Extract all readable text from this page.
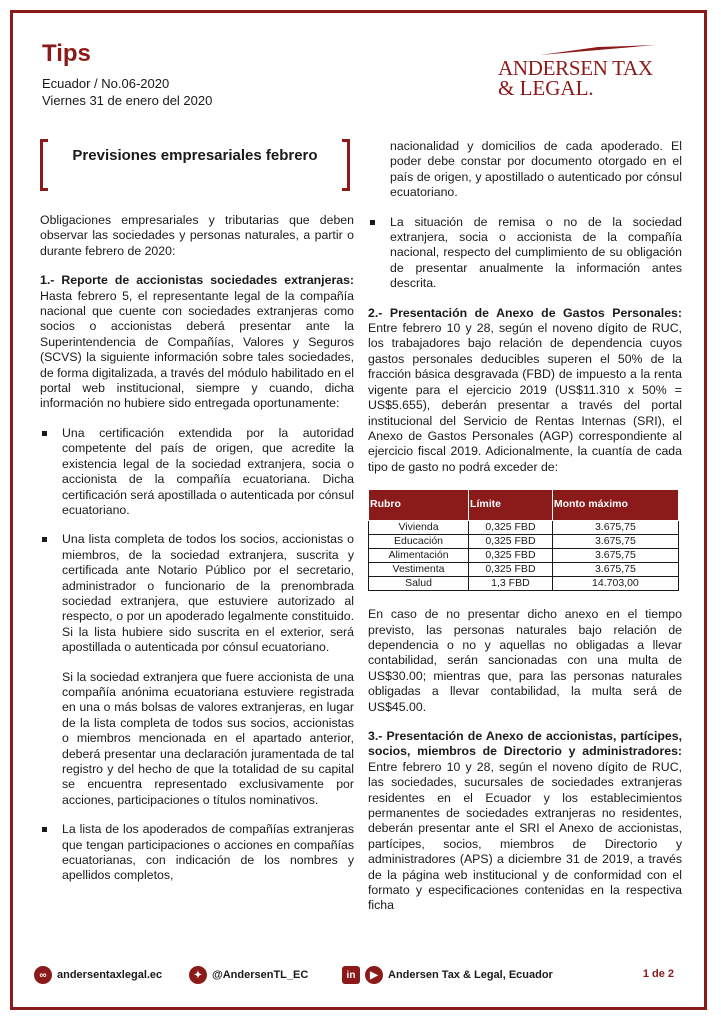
Tips
Ecuador / No.06-2020
Viernes 31 de enero del 2020
ANDERSEN TAX
& LEGAL.
Previsiones empresariales febrero

Obligaciones empresariales y tributarias que deben observar las sociedades y personas naturales, a partir o durante febrero de 2020:

1.- Reporte de accionistas sociedades extranjeras: Hasta febrero 5, el representante legal de la compañía nacional que cuente con sociedades extranjeras como socios o accionistas deberá presentar ante la Superintendencia de Compañías, Valores y Seguros (SCVS) la siguiente información sobre tales sociedades, de forma digitalizada, a través del módulo habilitado en el portal web institucional, siempre y cuando, dicha información no hubiere sido entregada oportunamente:

Una certificación extendida por la autoridad competente del país de origen, que acredite la existencia legal de la sociedad extranjera, socia o accionista de la compañía ecuatoriana. Dicha certificación será apostillada o autenticada por cónsul ecuatoriano.
Una lista completa de todos los socios, accionistas o miembros, de la sociedad extranjera, suscrita y certificada ante Notario Público por el secretario, administrador o funcionario de la prenombrada sociedad extranjera, que estuviere autorizado al respecto, o por un apoderado legalmente constituido. Si la lista hubiere sido suscrita en el exterior, será apostillada o autenticada por cónsul ecuatoriano.

Si la sociedad extranjera que fuere accionista de una compañía anónima ecuatoriana estuviere registrada en una o más bolsas de valores extranjeras, en lugar de la lista completa de todos sus socios, accionistas o miembros mencionada en el apartado anterior, deberá presentar una declaración juramentada de tal registro y del hecho de que la totalidad de su capital se encuentra representado exclusivamente por acciones, participaciones o títulos nominativos.

La lista de los apoderados de compañías extranjeras que tengan participaciones o acciones en compañías ecuatorianas, con indicación de los nombres y apellidos completos,

nacionalidad y domicilios de cada apoderado. El poder debe constar por documento otorgado en el país de origen, y apostillado o autenticado por cónsul ecuatoriano.

La situación de remisa o no de la sociedad extranjera, socia o accionista de la compañía nacional, respecto del cumplimiento de su obligación de presentar anualmente la información antes descrita.

2.- Presentación de Anexo de Gastos Personales: Entre febrero 10 y 28, según el noveno dígito de RUC, los trabajadores bajo relación de dependencia cuyos gastos personales deducibles superen el 50% de la fracción básica desgravada (FBD) de impuesto a la renta vigente para el ejercicio 2019 (US$11.310 x 50% = US$5.655), deberán presentar a través del portal institucional del Servicio de Rentas Internas (SRI), el Anexo de Gastos Personales (AGP) correspondiente al ejercicio fiscal 2019. Adicionalmente, la cuantía de cada tipo de gasto no podrá exceder de:

Rubro	Límite	Monto máximo
Vivienda	0,325 FBD	3.675,75
Educación	0,325 FBD	3.675,75
Alimentación	0,325 FBD	3.675,75
Vestimenta	0,325 FBD	3.675,75
Salud	1,3 FBD	14.703,00

En caso de no presentar dicho anexo en el tiempo previsto, las personas naturales bajo relación de dependencia o no y aquellas no obligadas a llevar contabilidad, serán sancionadas con una multa de US$30.00; mientras que, para las personas naturales obligadas a llevar contabilidad, la multa será de US$45.00.

3.- Presentación de Anexo de accionistas, partícipes, socios, miembros de Directorio y administradores: Entre febrero 10 y 28, según el noveno dígito de RUC, las sociedades, sucursales de sociedades extranjeras residentes en el Ecuador y los establecimientos permanentes de sociedades extranjeras no residentes, deberán presentar ante el SRI el Anexo de accionistas, partícipes, socios, miembros de Directorio y administradores (APS) a diciembre 31 de 2019, a través de la página web institucional y de conformidad con el formato y especificaciones contenidas en la respectiva ficha

∞ andersentaxlegal.ec	✦ @AndersenTL_EC	in	▶ Andersen Tax & Legal, Ecuador	1 de 2
